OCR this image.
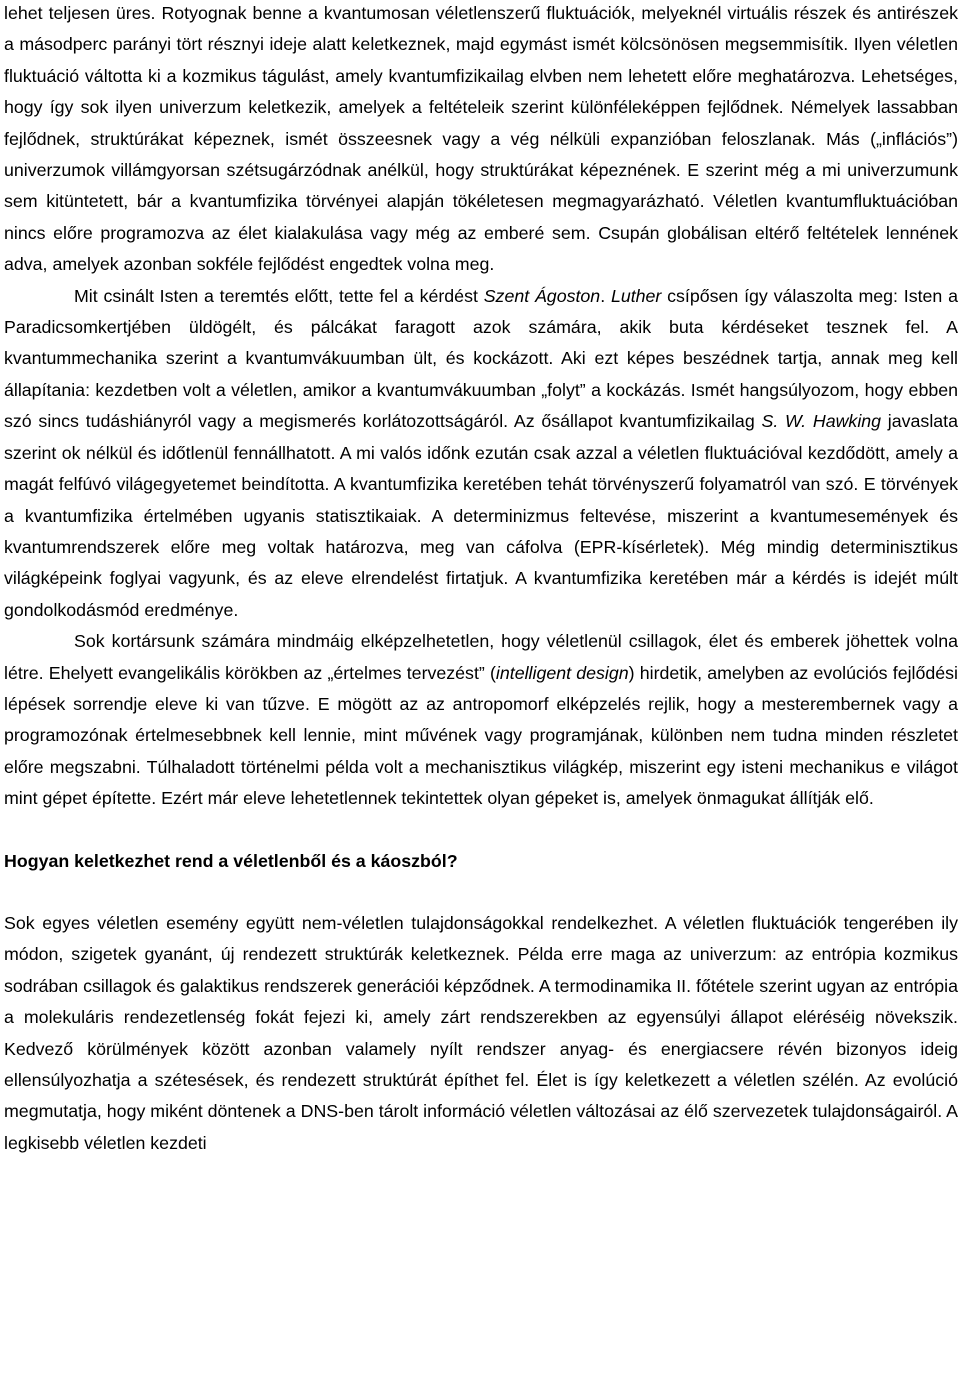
lehet teljesen üres. Rotyognak benne a kvantumosan véletlenszerű fluktuációk, melyeknél virtuális részek és antirészek a másodperc parányi tört résznyi ideje alatt keletkeznek, majd egymást ismét kölcsönösen megsemmisítik. Ilyen véletlen fluktuáció váltotta ki a kozmikus tágulást, amely kvantumfizikailag elvben nem lehetett előre meghatározva. Lehetséges, hogy így sok ilyen univerzum keletkezik, amelyek a feltételeik szerint különféleképpen fejlődnek. Némelyek lassabban fejlődnek, struktúrákat képeznek, ismét összeesnek vagy a vég nélküli expanzióban feloszlanak. Más („inflációs”) univerzumok villámgyorsan szétsugárzódnak anélkül, hogy struktúrákat képeznének. E szerint még a mi univerzumunk sem kitüntetett, bár a kvantumfizika törvényei alapján tökéletesen megmagyarázható. Véletlen kvantumfluktuációban nincs előre programozva az élet kialakulása vagy még az emberé sem. Csupán globálisan eltérő feltételek lennének adva, amelyek azonban sokféle fejlődést engedtek volna meg.

Mit csinált Isten a teremtés előtt, tette fel a kérdést Szent Ágoston. Luther csípősen így válaszolta meg: Isten a Paradicsomkertjében üldögélt, és pálcákat faragott azok számára, akik buta kérdéseket tesznek fel. A kvantummechanika szerint a kvantumvákuumban ült, és kockázott. Aki ezt képes beszédnek tartja, annak meg kell állapítania: kezdetben volt a véletlen, amikor a kvantumvákuumban „folyt” a kockázás. Ismét hangsúlyozom, hogy ebben szó sincs tudáshiányról vagy a megismerés korlátozottságáról. Az ősállapot kvantumfizikailag S. W. Hawking javaslata szerint ok nélkül és időtlenül fennállhatott. A mi valós időnk ezután csak azzal a véletlen fluktuációval kezdődött, amely a magát felfúvó világegyetemet beindította. A kvantumfizika keretében tehát törvényszerű folyamatról van szó. E törvények a kvantumfizika értelmében ugyanis statisztikaiak. A determinizmus feltevése, miszerint a kvantumesemények és kvantumrendszerek előre meg voltak határozva, meg van cáfolva (EPR-kísérletek). Még mindig determinisztikus világképeink foglyai vagyunk, és az eleve elrendelést firtatjuk. A kvantumfizika keretében már a kérdés is idejét múlt gondolkodásmód eredménye.

Sok kortársunk számára mindmáig elképzelhetetlen, hogy véletlenül csillagok, élet és emberek jöhettek volna létre. Ehelyett evangelikális körökben az „értelmes tervezést” (intelligent design) hirdetik, amelyben az evolúciós fejlődési lépések sorrendje eleve ki van tűzve. E mögött az az antropomorf elképzelés rejlik, hogy a mesterembernek vagy a programozónak értelmesebbnek kell lennie, mint művének vagy programjának, különben nem tudna minden részletet előre megszabni. Túlhaladott történelmi példa volt a mechanisztikus világkép, miszerint egy isteni mechanikus e világot mint gépet építette. Ezért már eleve lehetetlennek tekintettek olyan gépeket is, amelyek önmagukat állítják elő.

Hogyan keletkezhet rend a véletlenből és a káoszból?

Sok egyes véletlen esemény együtt nem-véletlen tulajdonságokkal rendelkezhet. A véletlen fluktuációk tengerében ily módon, szigetek gyanánt, új rendezett struktúrák keletkeznek. Példa erre maga az univerzum: az entrópia kozmikus sodrában csillagok és galaktikus rendszerek generációi képződnek. A termodinamika II. főtétele szerint ugyan az entrópia a molekuláris rendezetlenség fokát fejezi ki, amely zárt rendszerekben az egyensúlyi állapot eléréséig növekszik. Kedvező körülmények között azonban valamely nyílt rendszer anyag- és energiacsere révén bizonyos ideig ellensúlyozhatja a szétesések, és rendezett struktúrát építhet fel. Élet is így keletkezett a véletlen szélén. Az evolúció megmutatja, hogy miként döntenek a DNS-ben tárolt információ véletlen változásai az élő szervezetek tulajdonságairól. A legkisebb véletlen kezdeti
